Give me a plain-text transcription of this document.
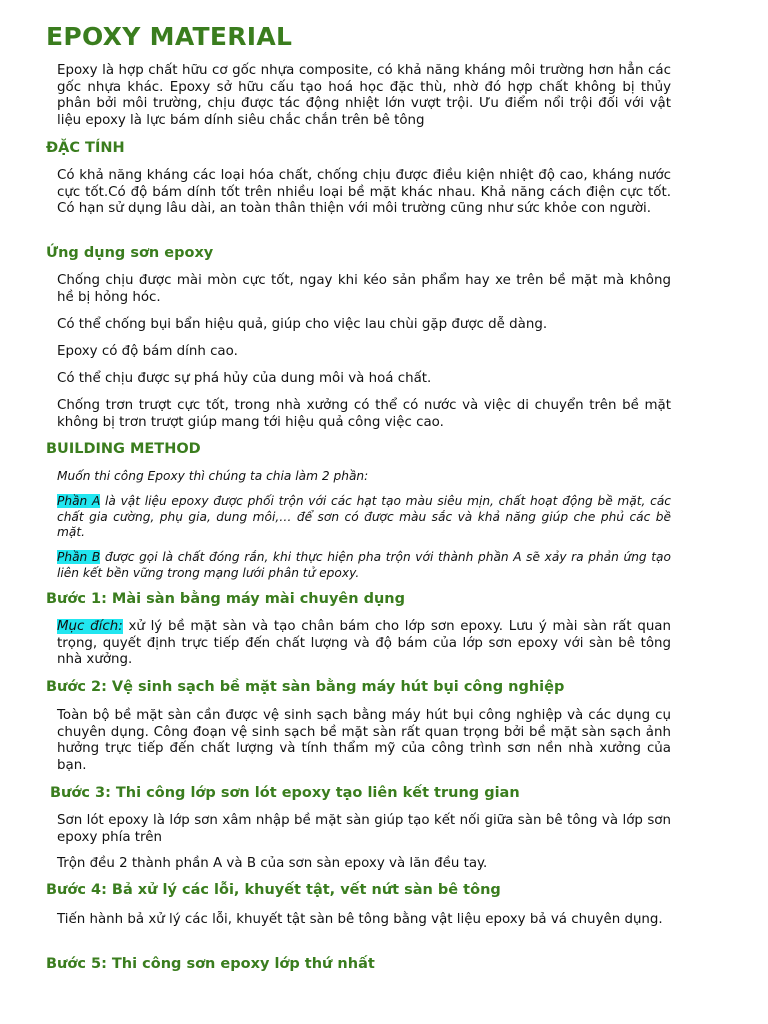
EPOXY MATERIAL

Epoxy là hợp chất hữu cơ gốc nhựa composite, có khả năng kháng môi trường hơn hẳn các gốc nhựa khác. Epoxy sở hữu cấu tạo hoá học đặc thù, nhờ đó hợp chất không bị thủy phân bởi môi trường, chịu được tác động nhiệt lớn vượt trội. Ưu điểm nổi trội đối với vật liệu epoxy là lực bám dính siêu chắc chắn trên bê tông

ĐẶC TÍNH

Có khả năng kháng các loại hóa chất, chống chịu được điều kiện nhiệt độ cao, kháng nước cực tốt.Có độ bám dính tốt trên nhiều loại bề mặt khác nhau. Khả năng cách điện cực tốt. Có hạn sử dụng lâu dài, an toàn thân thiện với môi trường cũng như sức khỏe con người.

Ứng dụng sơn epoxy

Chống chịu được mài mòn cực tốt, ngay khi kéo sản phẩm hay xe trên bề mặt mà không hề bị hỏng hóc.

Có thể chống bụi bẩn hiệu quả, giúp cho việc lau chùi gặp được dễ dàng.

Epoxy có độ bám dính cao.

Có thể chịu được sự phá hủy của dung môi và hoá chất.

Chống trơn trượt cực tốt, trong nhà xưởng có thể có nước và việc di chuyển trên bề mặt không bị trơn trượt giúp mang tới hiệu quả công việc cao.

BUILDING METHOD

Muốn thi công Epoxy thì chúng ta chia làm 2 phần:

Phần A là vật liệu epoxy được phối trộn với các hạt tạo màu siêu mịn, chất hoạt động bề mặt, các chất gia cường, phụ gia, dung môi,… để sơn có được màu sắc và khả năng giúp che phủ các bề mặt.

Phần B được gọi là chất đóng rắn, khi thực hiện pha trộn với thành phần A sẽ xảy ra phản ứng tạo liên kết bền vững trong mạng lưới phân tử epoxy.

Bước 1: Mài sàn bằng máy mài chuyên dụng

Mục đích: xử lý bề mặt sàn và tạo chân bám cho lớp sơn epoxy. Lưu ý mài sàn rất quan trọng, quyết định trực tiếp đến chất lượng và độ bám của lớp sơn epoxy với sàn bê tông nhà xưởng.

Bước 2: Vệ sinh sạch bề mặt sàn bằng máy hút bụi công nghiệp

Toàn bộ bề mặt sàn cần được vệ sinh sạch bằng máy hút bụi công nghiệp và các dụng cụ chuyên dụng. Công đoạn vệ sinh sạch bề mặt sàn rất quan trọng bởi bề mặt sàn sạch ảnh hưởng trực tiếp đến chất lượng và tính thẩm mỹ của công trình sơn nền nhà xưởng của bạn.

Bước 3: Thi công lớp sơn lót epoxy tạo liên kết trung gian

Sơn lót epoxy là lớp sơn xâm nhập bề mặt sàn giúp tạo kết nối giữa sàn bê tông và lớp sơn epoxy phía trên

Trộn đều 2 thành phần A và B của sơn sàn epoxy và lăn đều tay.

Bước 4: Bả xử lý các lỗi, khuyết tật, vết nứt sàn bê tông

Tiến hành bả xử lý các lỗi, khuyết tật sàn bê tông bằng vật liệu epoxy bả vá chuyên dụng.

Bước 5: Thi công sơn epoxy lớp thứ nhất
